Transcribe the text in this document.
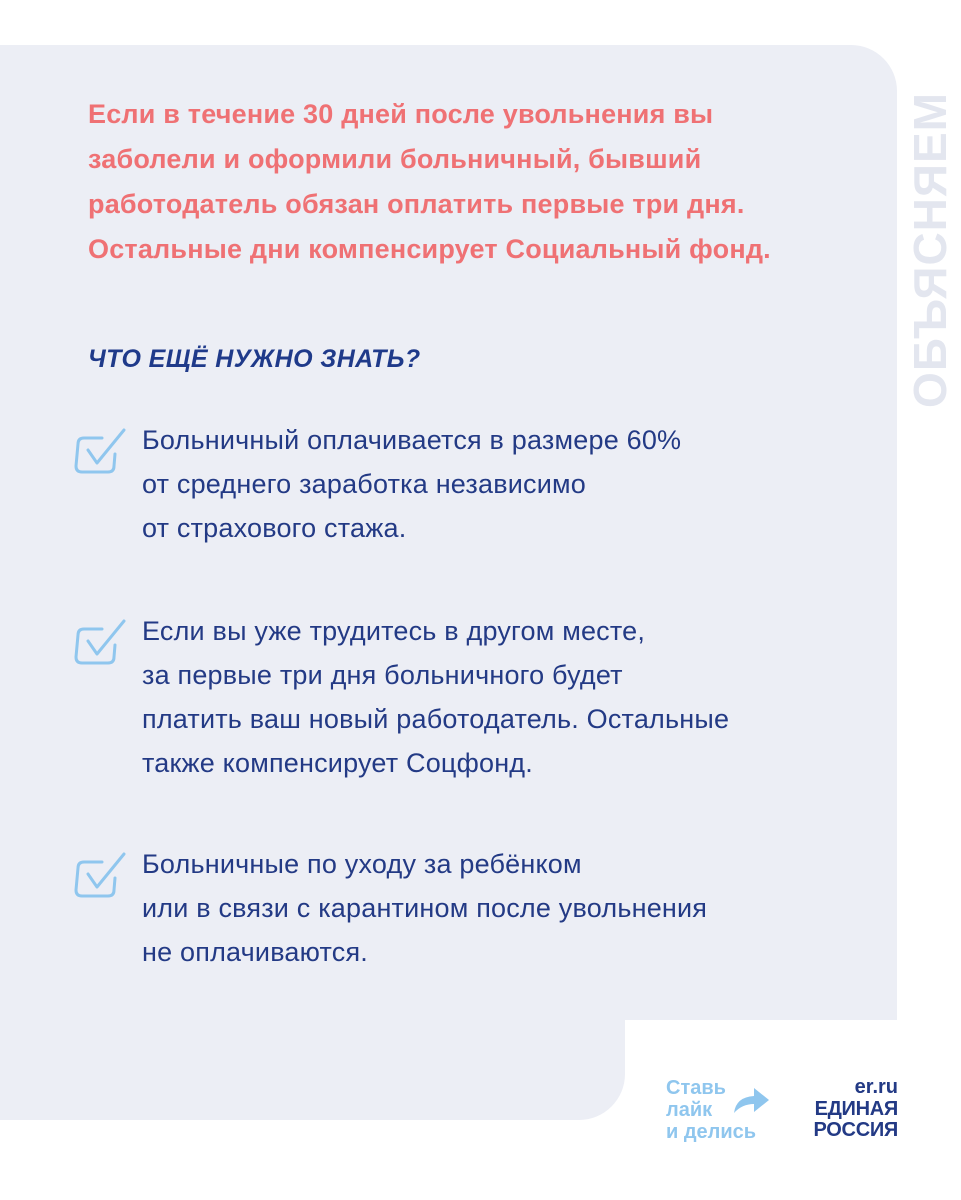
ОБЪЯСНЯЕМ
Если в течение 30 дней после увольнения вы
заболели и оформили больничный, бывший
работодатель обязан оплатить первые три дня.
Остальные дни компенсирует Социальный фонд.
ЧТО ЕЩЁ НУЖНО ЗНАТЬ?
Больничный оплачивается в размере 60%
от среднего заработка независимо
от страхового стажа.
Если вы уже трудитесь в другом месте,
за первые три дня больничного будет
платить ваш новый работодатель. Остальные
также компенсирует Соцфонд.
Больничные по уходу за ребёнком
или в связи с карантином после увольнения
не оплачиваются.
Ставь
лайк
и делись
er.ru
ЕДИНАЯ
РОССИЯ
